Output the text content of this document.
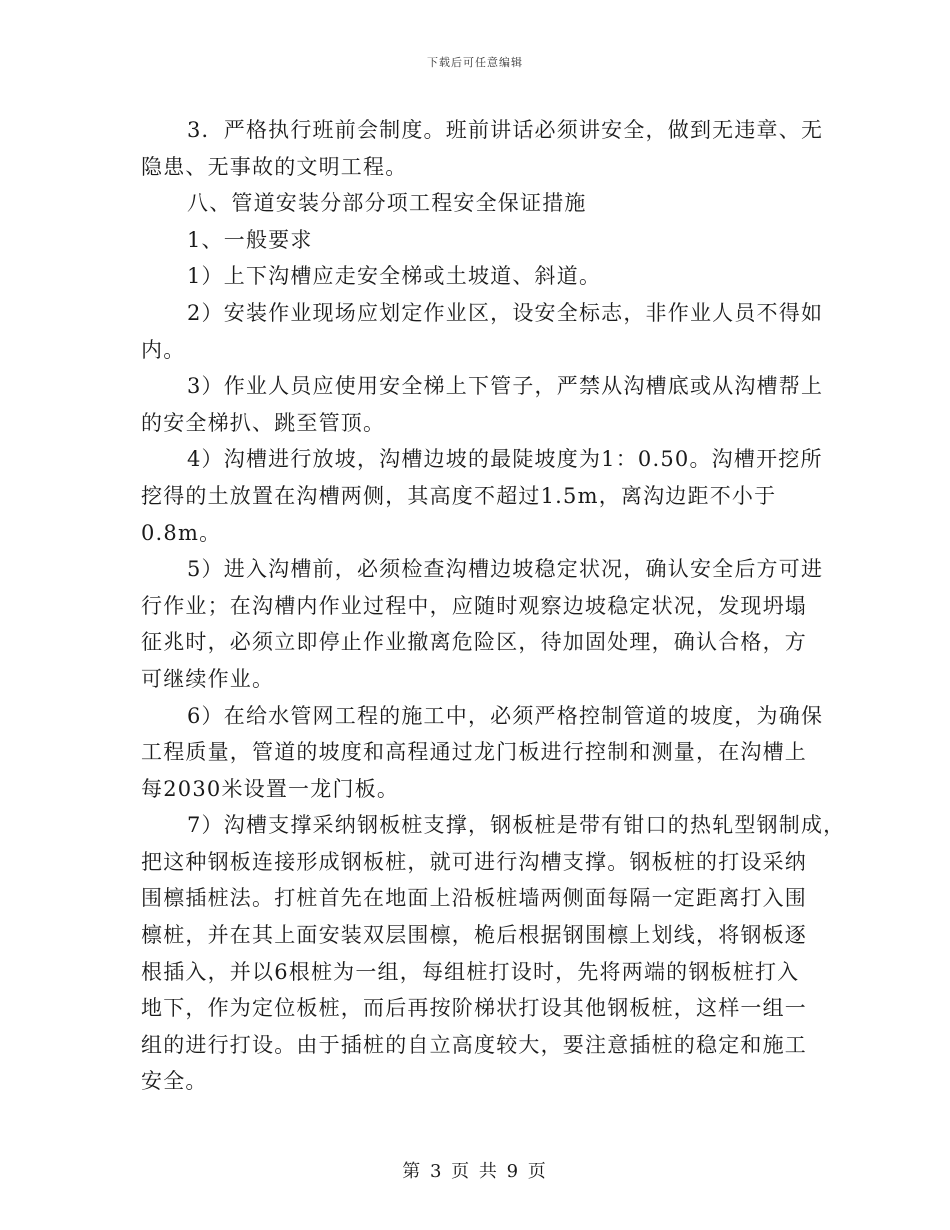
下载后可任意编辑
3．严格执行班前会制度。班前讲话必须讲安全，做到无违章、无
隐患、无事故的文明工程。
八、管道安装分部分项工程安全保证措施
1、一般要求
1）上下沟槽应走安全梯或土坡道、斜道。
2）安装作业现场应划定作业区，设安全标志，非作业人员不得如
内。
3）作业人员应使用安全梯上下管子，严禁从沟槽底或从沟槽帮上
的安全梯扒、跳至管顶。
4）沟槽进行放坡，沟槽边坡的最陡坡度为1：0.50。沟槽开挖所
挖得的土放置在沟槽两侧，其高度不超过1.5m，离沟边距不小于
0.8m。
5）进入沟槽前，必须检查沟槽边坡稳定状况，确认安全后方可进
行作业；在沟槽内作业过程中，应随时观察边坡稳定状况，发现坍塌
征兆时，必须立即停止作业撤离危险区，待加固处理，确认合格，方
可继续作业。
6）在给水管网工程的施工中，必须严格控制管道的坡度，为确保
工程质量，管道的坡度和高程通过龙门板进行控制和测量，在沟槽上
每2030米设置一龙门板。
7）沟槽支撑采纳钢板桩支撑，钢板桩是带有钳口的热轧型钢制成，
把这种钢板连接形成钢板桩，就可进行沟槽支撑。钢板桩的打设采纳
围檩插桩法。打桩首先在地面上沿板桩墙两侧面每隔一定距离打入围
檩桩，并在其上面安装双层围檩，桅后根据钢围檩上划线，将钢板逐
根插入，并以6根桩为一组，每组桩打设时，先将两端的钢板桩打入
地下，作为定位板桩，而后再按阶梯状打设其他钢板桩，这样一组一
组的进行打设。由于插桩的自立高度较大，要注意插桩的稳定和施工
安全。
第 3 页 共 9 页
